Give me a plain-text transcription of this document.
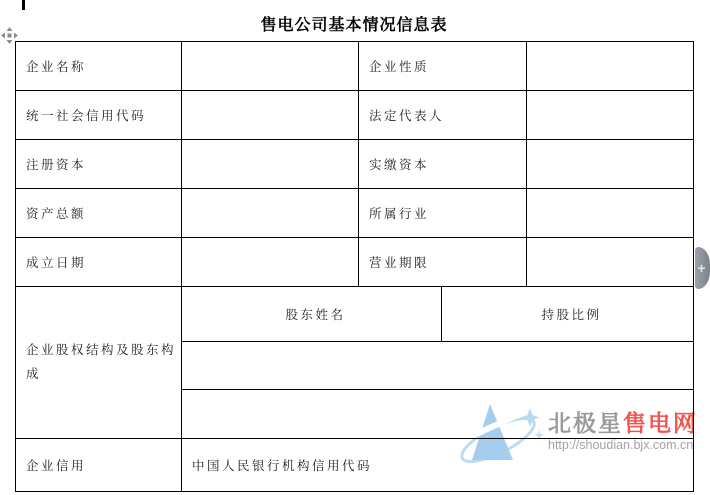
售电公司基本情况信息表
北极星售电网
http://shoudian.bjx.com.cn
企业名称		企业性质		
统一社会信用代码		法定代表人		
注册资本		实缴资本		
资产总额		所属行业		
成立日期		营业期限		
企业股权结构及股东构成	股东姓名		持股比例	

企业信用	中国人民银行机构信用代码			
+
